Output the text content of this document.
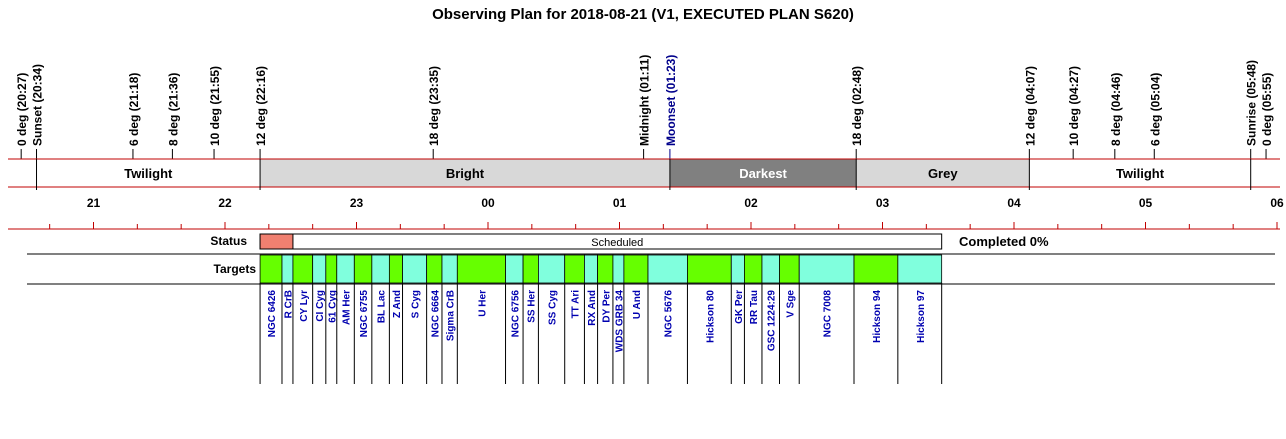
Observing Plan for 2018-08-21 (V1, EXECUTED PLAN S620)
0 deg (20:27) Sunset (20:34)	6 deg (21:18) 8 deg (21:36) 10 deg (21:55)	12 deg (22:16)	18 deg (23:35)	Midnight (01:11) Moonset (01:23)	18 deg (02:48)	12 deg (04:07) 10 deg (04:27) 8 deg (04:46) 6 deg (05:04)	Sunrise (05:48) 0 deg (05:55)
Twilight	Bright	Darkest	Grey	Twilight
21	22	23	00	01	02	03	04	05	06
Status	Scheduled	Completed 0%
Targets
NGC 6426 R CrB CY Lyr CI Cyg 61 Cyg AM Her NGC 6755 BL Lac Z And S Cyg NGC 6664 Sigma CrB U Her NGC 6756 SS Her SS Cyg TT Ari RX And DY Per WDS GRB 34 U And NGC 5676	Hickson 80 GK Per RR Tau GSC 1224:29 V Sge	NGC 7008	Hickson 94	Hickson 97
